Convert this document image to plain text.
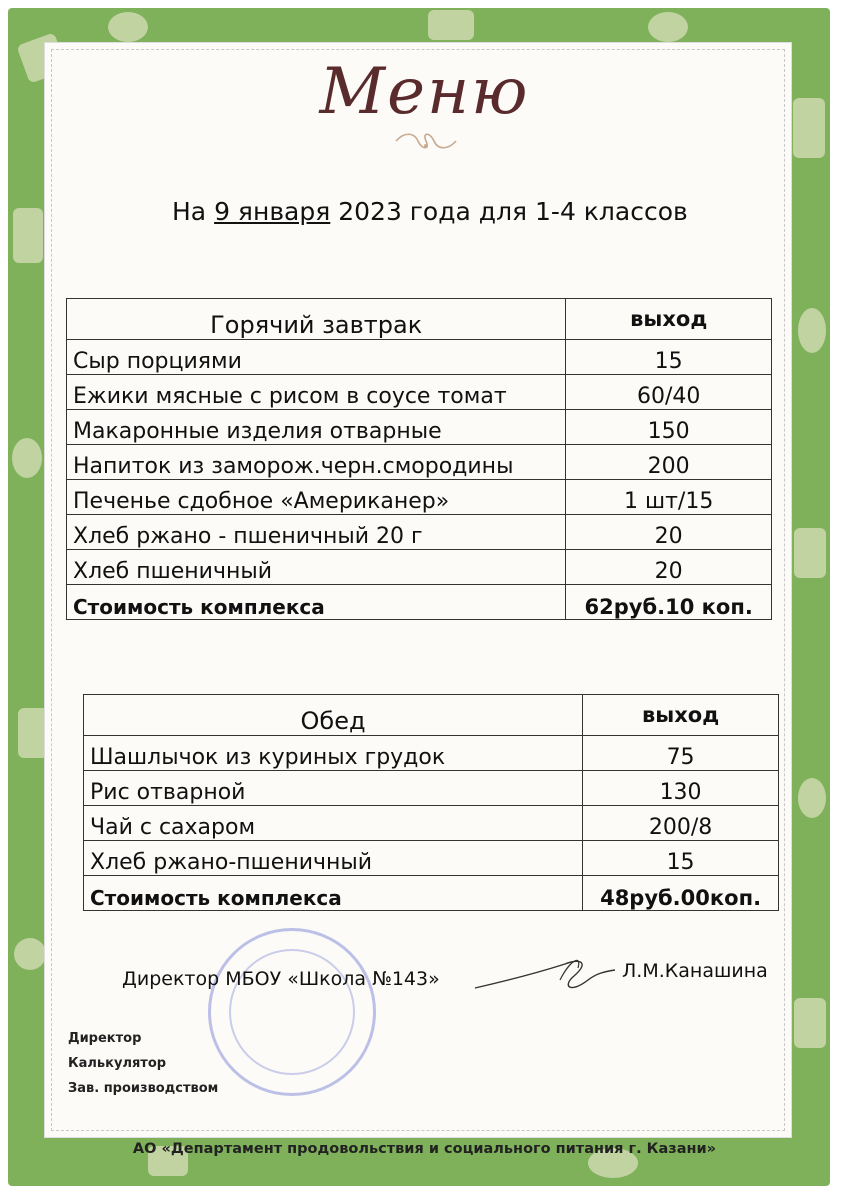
Меню
На 9 января 2023 года для 1-4 классов
Горячий завтрак	выход
Сыр порциями	15
Ежики мясные с рисом в соусе томат	60/40
Макаронные изделия отварные	150
Напиток из заморож.черн.смородины	200
Печенье сдобное «Американер»	1 шт/15
Хлеб ржано - пшеничный 20 г	20
Хлеб пшеничный	20
Стоимость комплекса	62руб.10 коп.
Обед	выход
Шашлычок из куриных грудок	75
Рис отварной	130
Чай с сахаром	200/8
Хлеб ржано-пшеничный	15
Стоимость комплекса	48руб.00коп.
Директор МБОУ «Школа №143»	Л.М.Канашина
Директор
Калькулятор
Зав. производством
АО «Департамент продовольствия и социального питания г. Казани»
